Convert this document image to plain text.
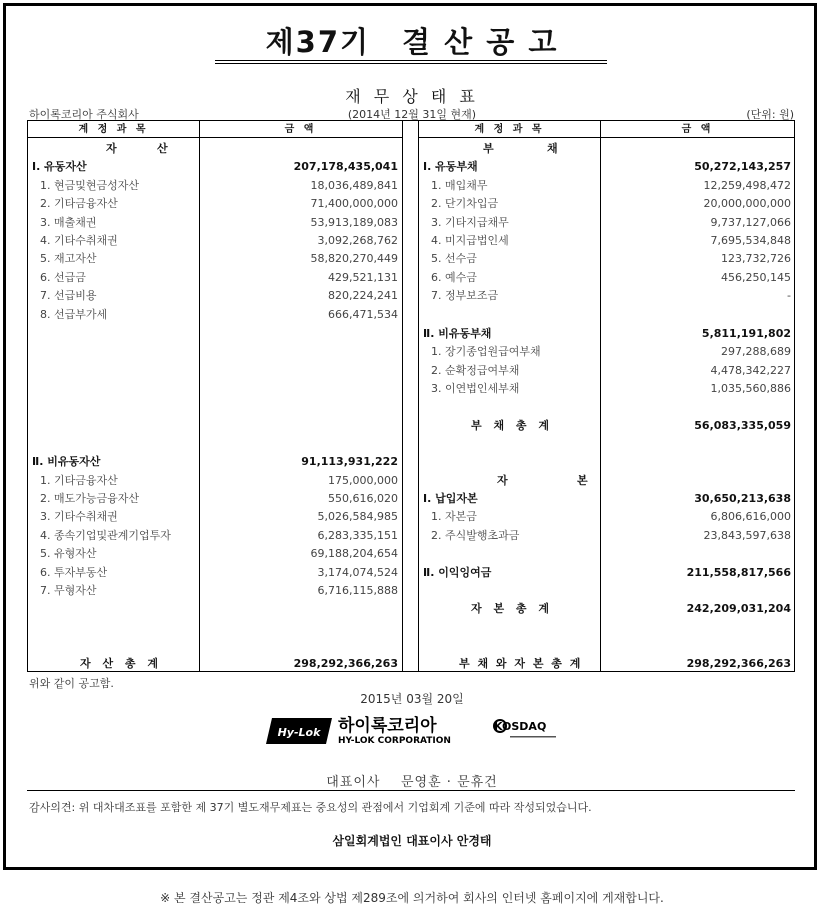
제37기 결 산 공 고
재 무 상 태 표
하이록코리아 주식회사	(2014년 12월 31일 현재)	(단위: 원)
계 정 과 목	금 액
자	산
Ⅰ. 유동자산	207,178,435,041
1. 현금및현금성자산	18,036,489,841
2. 기타금융자산	71,400,000,000
3. 매출채권	53,913,189,083
4. 기타수취채권	3,092,268,762
5. 재고자산	58,820,270,449
6. 선급금	429,521,131
7. 선급비용	820,224,241
8. 선급부가세	666,471,534
Ⅱ. 비유동자산	91,113,931,222
1. 기타금융자산	175,000,000
2. 매도가능금융자산	550,616,020
3. 기타수취채권	5,026,584,985
4. 종속기업및관계기업투자	6,283,335,151
5. 유형자산	69,188,204,654
6. 투자부동산	3,174,074,524
7. 무형자산	6,716,115,888
자 산 총 계	298,292,366,263
계 정 과 목	금 액
부	채
Ⅰ. 유동부채	50,272,143,257
1. 매입채무	12,259,498,472
2. 단기차입금	20,000,000,000
3. 기타지급채무	9,737,127,066
4. 미지급법인세	7,695,534,848
5. 선수금	123,732,726
6. 예수금	456,250,145
7. 정부보조금	-
Ⅱ. 비유동부채	5,811,191,802
1. 장기종업원급여부채	297,288,689
2. 순확정급여부채	4,478,342,227
3. 이연법인세부채	1,035,560,886
부 채 총 계	56,083,335,059
자	본
Ⅰ. 납입자본	30,650,213,638
1. 자본금	6,806,616,000
2. 주식발행초과금	23,843,597,638
Ⅱ. 이익잉여금	211,558,817,566
자 본 총 계	242,209,031,204
부 채 와 자 본 총 계	298,292,366,263
위와 같이 공고함.
2015년 03월 20일
Hy-Lok 하이록코리아
HY-LOK CORPORATION
KOSDAQ
대표이사 문영훈 · 문휴건
감사의견: 위 대차대조표를 포함한 제 37기 별도재무제표는 중요성의 관점에서 기업회계 기준에 따라 작성되었습니다.
삼일회계법인 대표이사 안경태
※ 본 결산공고는 정관 제4조와 상법 제289조에 의거하여 회사의 인터넷 홈페이지에 게재합니다.
